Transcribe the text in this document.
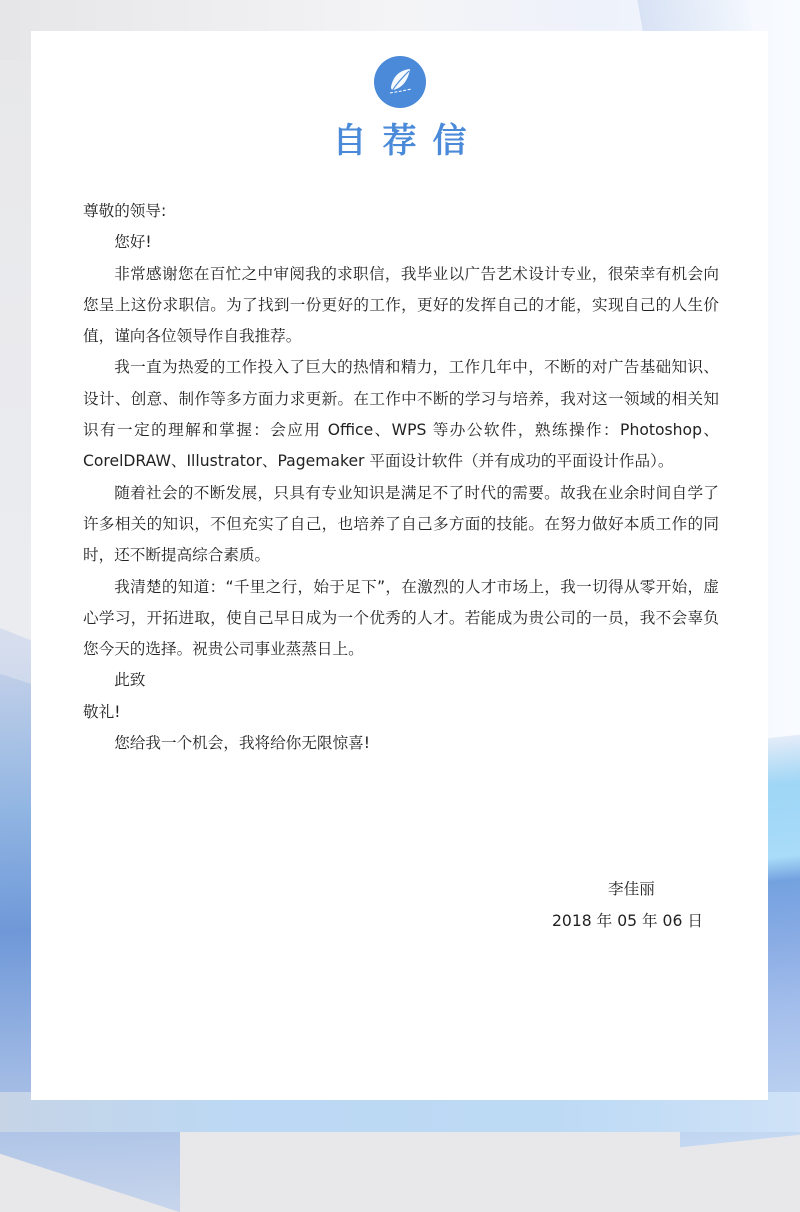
自荐信

尊敬的领导:

您好!

非常感谢您在百忙之中审阅我的求职信，我毕业以广告艺术设计专业，很荣幸有机会向您呈上这份求职信。为了找到一份更好的工作，更好的发挥自己的才能，实现自己的人生价值，谨向各位领导作自我推荐。

我一直为热爱的工作投入了巨大的热情和精力，工作几年中，不断的对广告基础知识、设计、创意、制作等多方面力求更新。在工作中不断的学习与培养，我对这一领域的相关知识有一定的理解和掌握：会应用 Office、WPS 等办公软件，熟练操作：Photoshop、CorelDRAW、Illustrator、Pagemaker 平面设计软件（并有成功的平面设计作品）。

随着社会的不断发展，只具有专业知识是满足不了时代的需要。故我在业余时间自学了许多相关的知识，不但充实了自己，也培养了自己多方面的技能。在努力做好本质工作的同时，还不断提高综合素质。

我清楚的知道：“千里之行，始于足下”，在激烈的人才市场上，我一切得从零开始，虚心学习，开拓进取，使自己早日成为一个优秀的人才。若能成为贵公司的一员，我不会辜负您今天的选择。祝贵公司事业蒸蒸日上。

此致

敬礼!

您给我一个机会，我将给你无限惊喜!

李佳丽
2018 年 05 年 06 日
